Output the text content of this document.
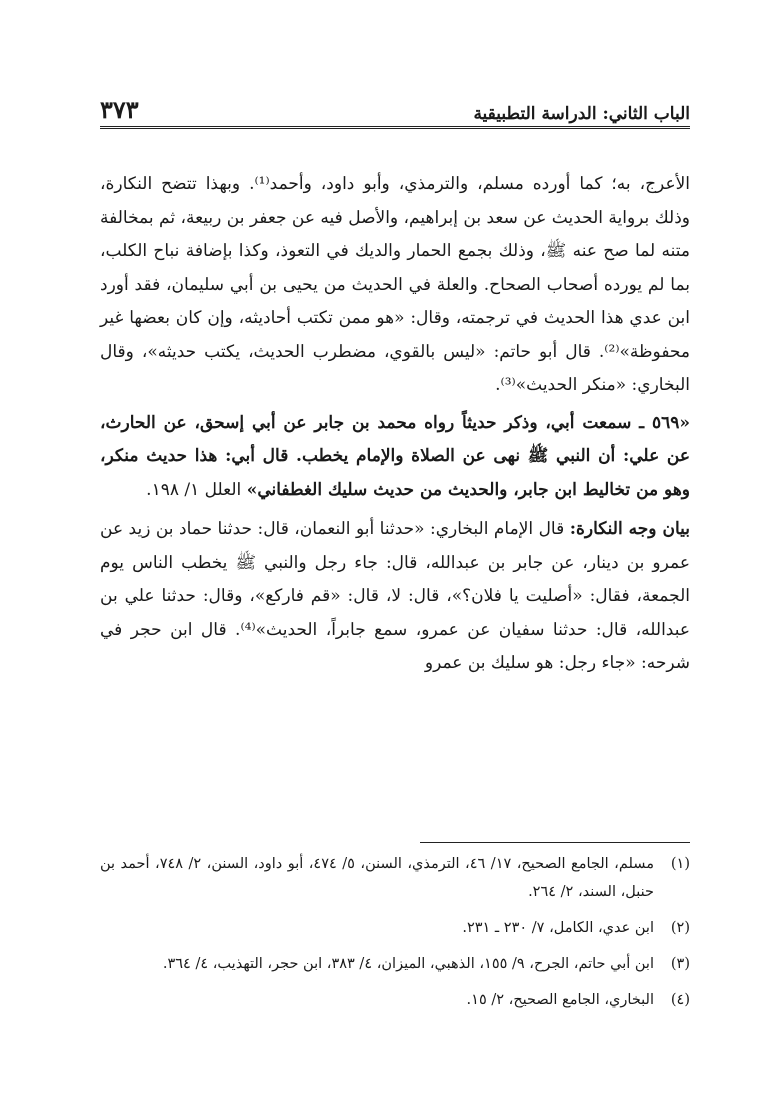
الباب الثاني: الدراسة التطبيقية
٣٧٣

الأعرج، به؛ كما أورده مسلم، والترمذي، وأبو داود، وأحمد⁽¹⁾. وبهذا تتضح النكارة، وذلك برواية الحديث عن سعد بن إبراهيم، والأصل فيه عن جعفر بن ربيعة، ثم بمخالفة متنه لما صح عنه ﷺ، وذلك بجمع الحمار والديك في التعوذ، وكذا بإضافة نباح الكلب، بما لم يورده أصحاب الصحاح. والعلة في الحديث من يحيى بن أبي سليمان، فقد أورد ابن عدي هذا الحديث في ترجمته، وقال: «هو ممن تكتب أحاديثه، وإن كان بعضها غير محفوظة»⁽²⁾. قال أبو حاتم: «ليس بالقوي، مضطرب الحديث، يكتب حديثه»، وقال البخاري: «منكر الحديث»⁽³⁾.

«٥٦٩ ـ سمعت أبي، وذكر حديثاً رواه محمد بن جابر عن أبي إسحق، عن الحارث، عن علي: أن النبي ﷺ نهى عن الصلاة والإمام يخطب. قال أبي: هذا حديث منكر، وهو من تخاليط ابن جابر، والحديث من حديث سليك الغطفاني» العلل ١/ ١٩٨.

بيان وجه النكارة: قال الإمام البخاري: «حدثنا أبو النعمان، قال: حدثنا حماد بن زيد عن عمرو بن دينار، عن جابر بن عبدالله، قال: جاء رجل والنبي ﷺ يخطب الناس يوم الجمعة، فقال: «أصليت يا فلان؟»، قال: لا، قال: «قم فاركع»، وقال: حدثنا علي بن عبدالله، قال: حدثنا سفيان عن عمرو، سمع جابراً، الحديث»⁽⁴⁾. قال ابن حجر في شرحه: «جاء رجل: هو سليك بن عمرو

(١)
مسلم، الجامع الصحيح، ١٧/ ٤٦، الترمذي، السنن، ٥/ ٤٧٤، أبو داود، السنن، ٢/ ٧٤٨، أحمد بن حنبل، السند، ٢/ ٢٦٤.
(٢)
ابن عدي، الكامل، ٧/ ٢٣٠ ـ ٢٣١.
(٣)
ابن أبي حاتم، الجرح، ٩/ ١٥٥، الذهبي، الميزان، ٤/ ٣٨٣، ابن حجر، التهذيب، ٤/ ٣٦٤.
(٤)
البخاري، الجامع الصحيح، ٢/ ١٥.
